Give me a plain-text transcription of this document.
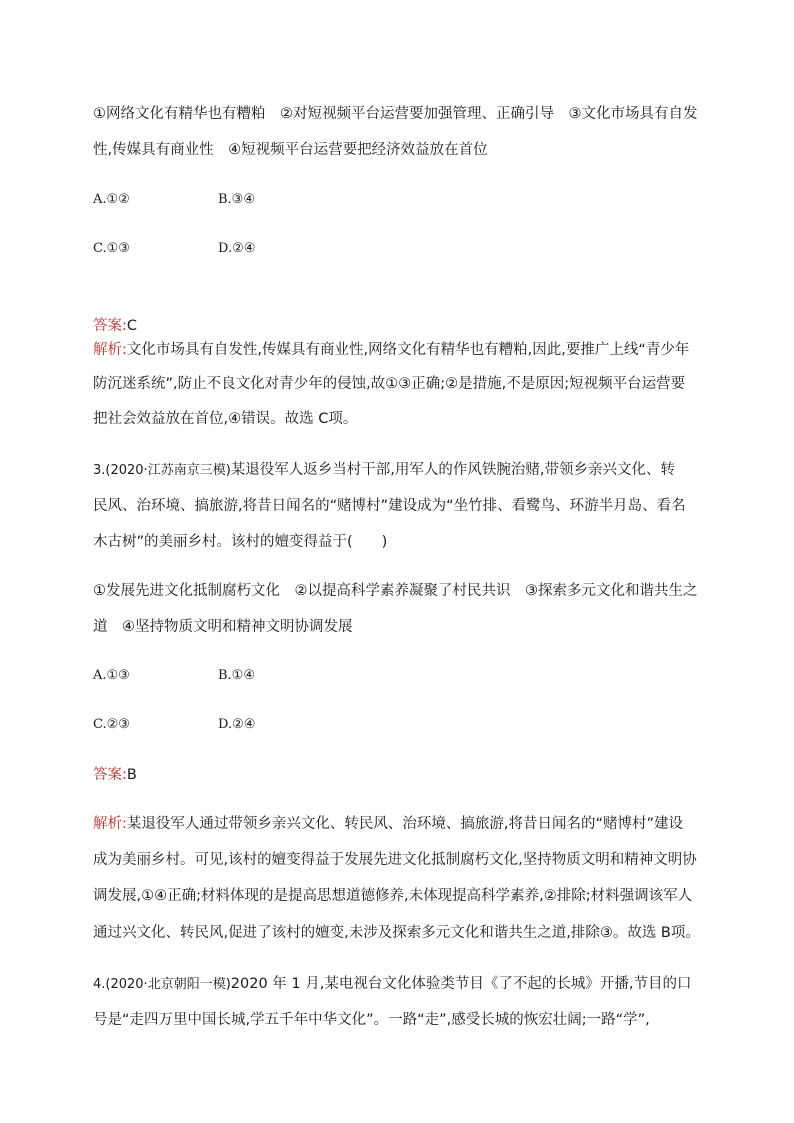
①网络文化有精华也有糟粕　②对短视频平台运营要加强管理、正确引导　③文化市场具有自发
性,传媒具有商业性　④短视频平台运营要把经济效益放在首位
A.①②	B.③④
C.①③	D.②④
答案:C
解析:文化市场具有自发性,传媒具有商业性,网络文化有精华也有糟粕,因此,要推广上线“青少年
防沉迷系统”,防止不良文化对青少年的侵蚀,故①③正确;②是措施,不是原因;短视频平台运营要
把社会效益放在首位,④错误。故选 C项。
3.(2020·江苏南京三模)某退役军人返乡当村干部,用军人的作风铁腕治赌,带领乡亲兴文化、转
民风、治环境、搞旅游,将昔日闻名的“赌博村”建设成为“坐竹排、看鹭鸟、环游半月岛、看名
木古树”的美丽乡村。该村的嬗变得益于(　　)
①发展先进文化抵制腐朽文化　②以提高科学素养凝聚了村民共识　③探索多元文化和谐共生之
道　④坚持物质文明和精神文明协调发展
A.①③	B.①④
C.②③	D.②④
答案:B
解析:某退役军人通过带领乡亲兴文化、转民风、治环境、搞旅游,将昔日闻名的“赌博村”建设
成为美丽乡村。可见,该村的嬗变得益于发展先进文化抵制腐朽文化,坚持物质文明和精神文明协
调发展,①④正确;材料体现的是提高思想道德修养,未体现提高科学素养,②排除;材料强调该军人
通过兴文化、转民风,促进了该村的嬗变,未涉及探索多元文化和谐共生之道,排除③。故选 B项。
4.(2020·北京朝阳一模)2020 年 1 月,某电视台文化体验类节目《了不起的长城》开播,节目的口
号是“走四万里中国长城,学五千年中华文化”。一路“走”,感受长城的恢宏壮阔;一路“学”,
